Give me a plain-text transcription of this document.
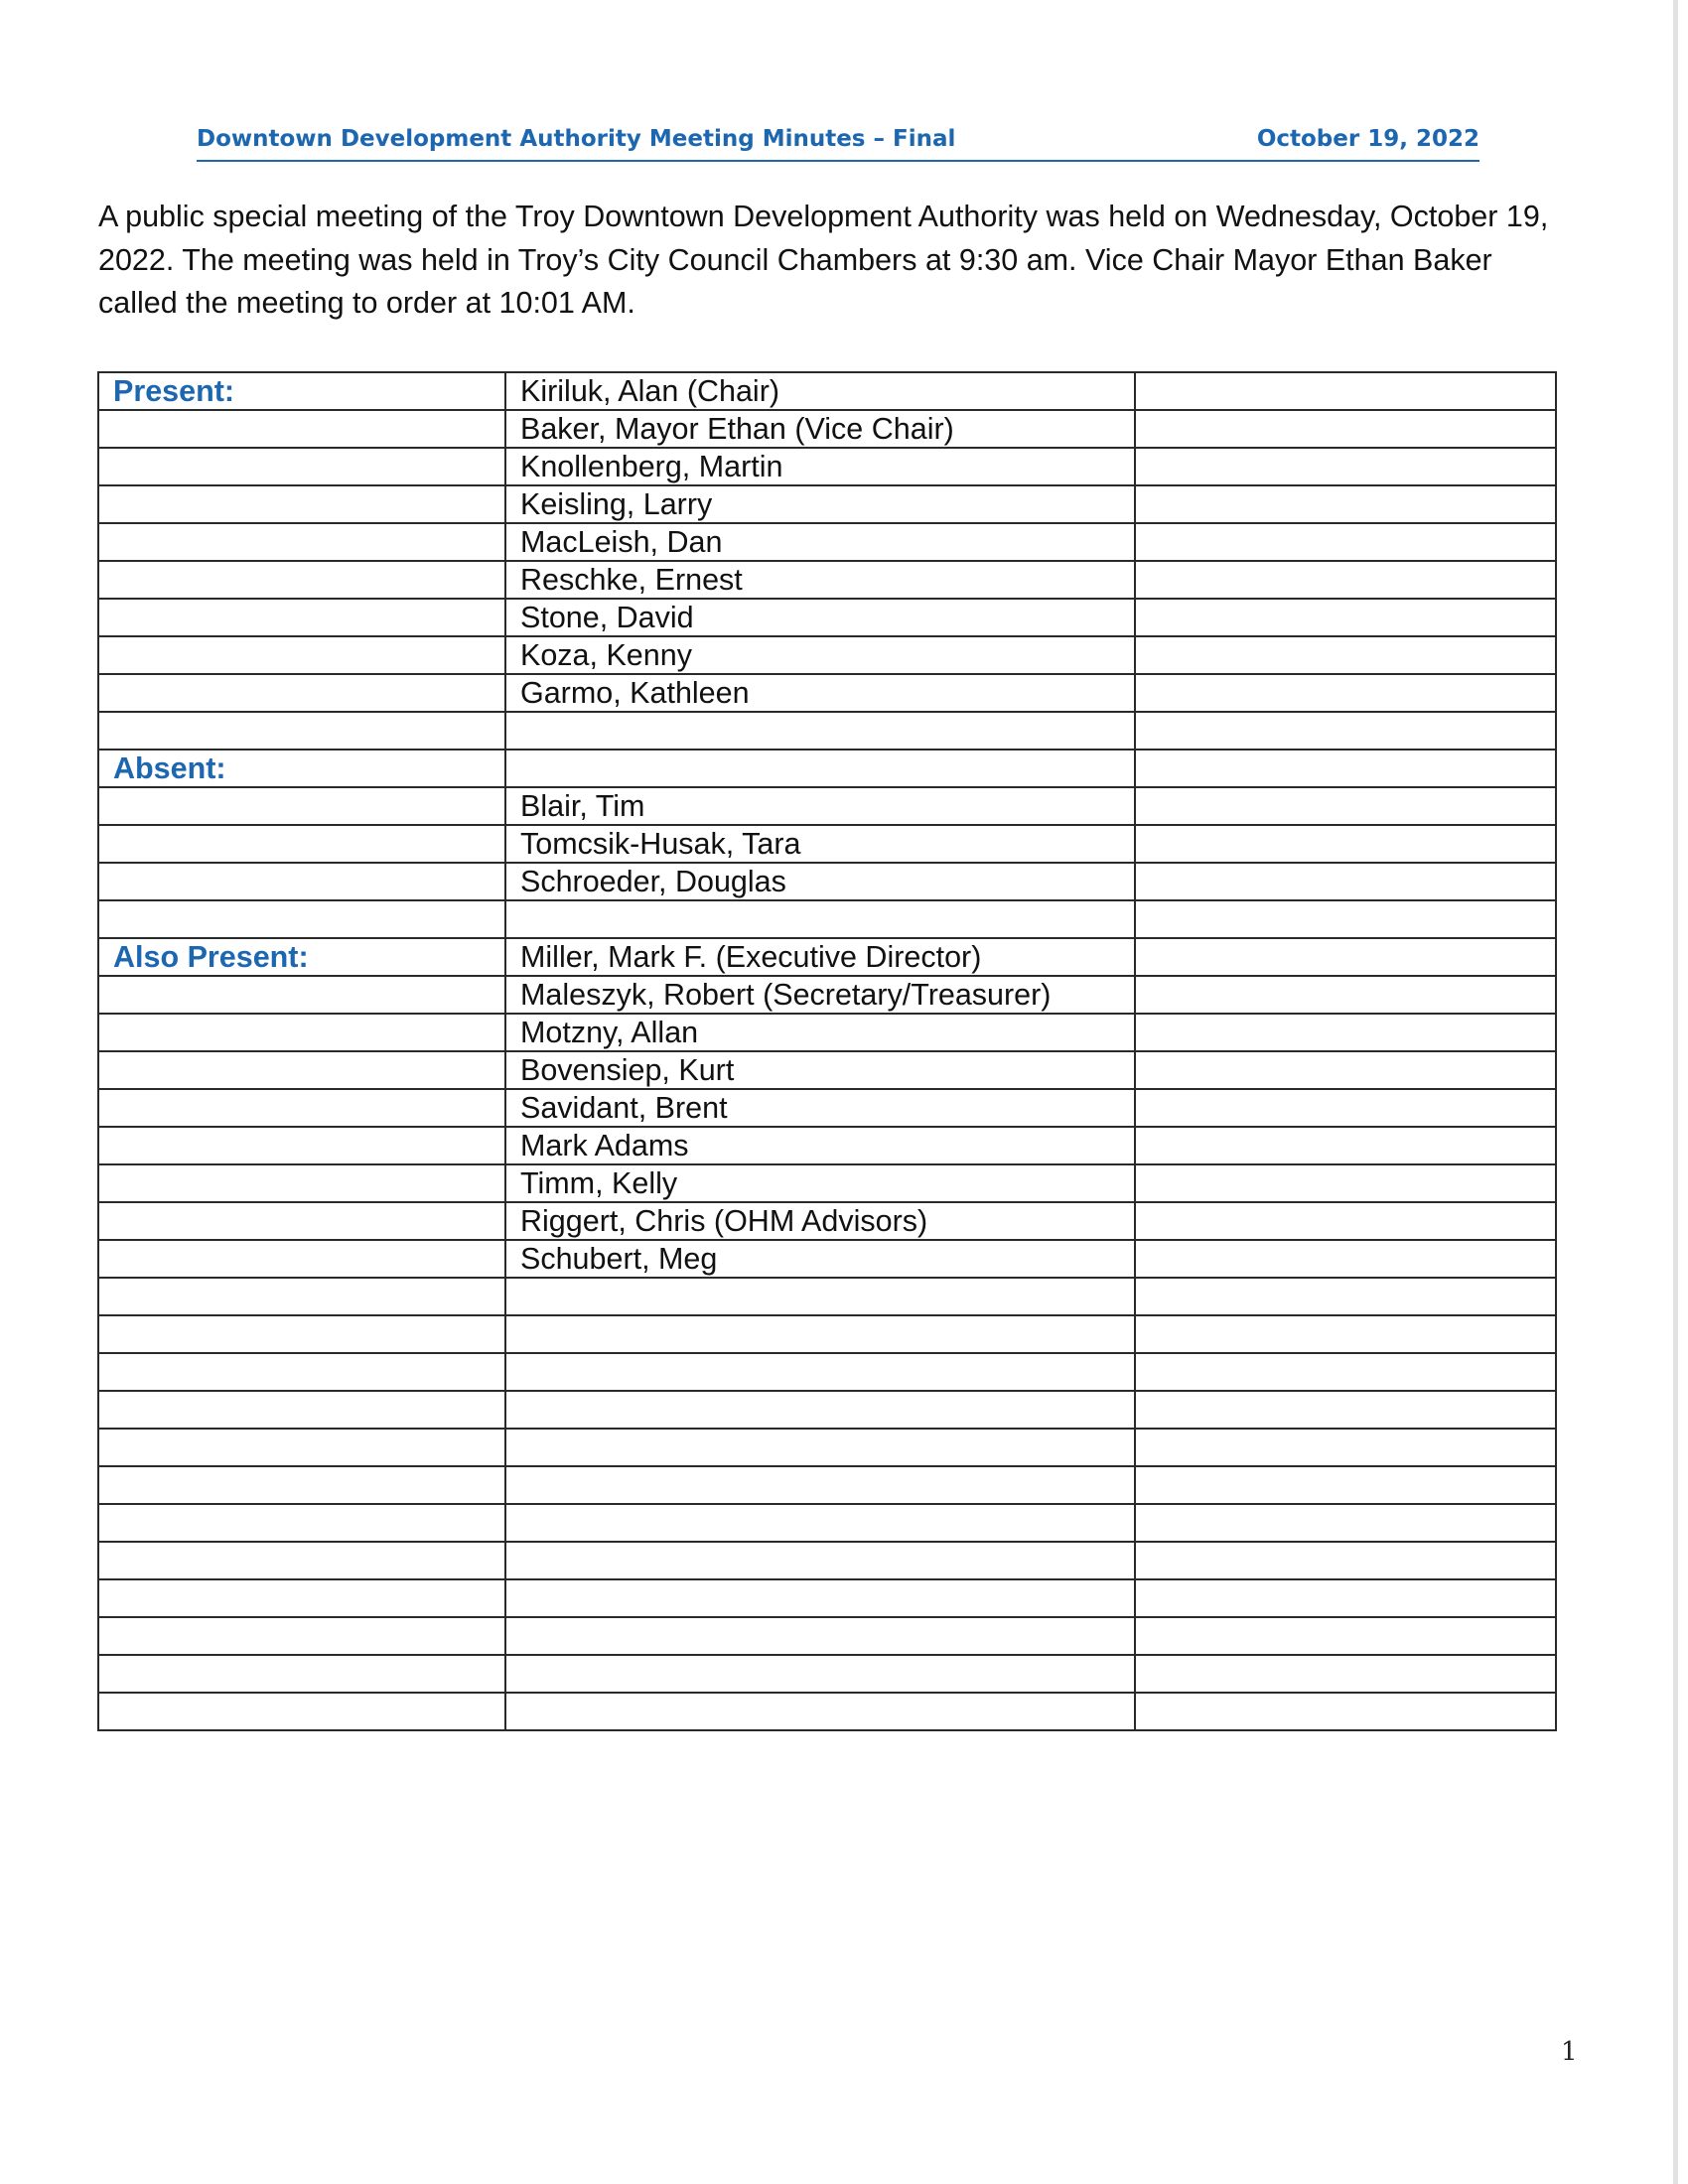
Downtown Development Authority Meeting Minutes – Final	October 19, 2022

A public special meeting of the Troy Downtown Development Authority was held on Wednesday, October 19, 2022. The meeting was held in Troy’s City Council Chambers at 9:30 am. Vice Chair Mayor Ethan Baker called the meeting to order at 10:01 AM.

Present:	Kiriluk, Alan (Chair)	
	Baker, Mayor Ethan (Vice Chair)	
	Knollenberg, Martin	
	Keisling, Larry	
	MacLeish, Dan	
	Reschke, Ernest	
	Stone, David	
	Koza, Kenny	
	Garmo, Kathleen	

Absent:		
	Blair, Tim	
	Tomcsik-Husak, Tara	
	Schroeder, Douglas	

Also Present:	Miller, Mark F. (Executive Director)	
	Maleszyk, Robert (Secretary/Treasurer)	
	Motzny, Allan	
	Bovensiep, Kurt	
	Savidant, Brent	
	Mark Adams	
	Timm, Kelly	
	Riggert, Chris (OHM Advisors)	
	Schubert, Meg	

1
